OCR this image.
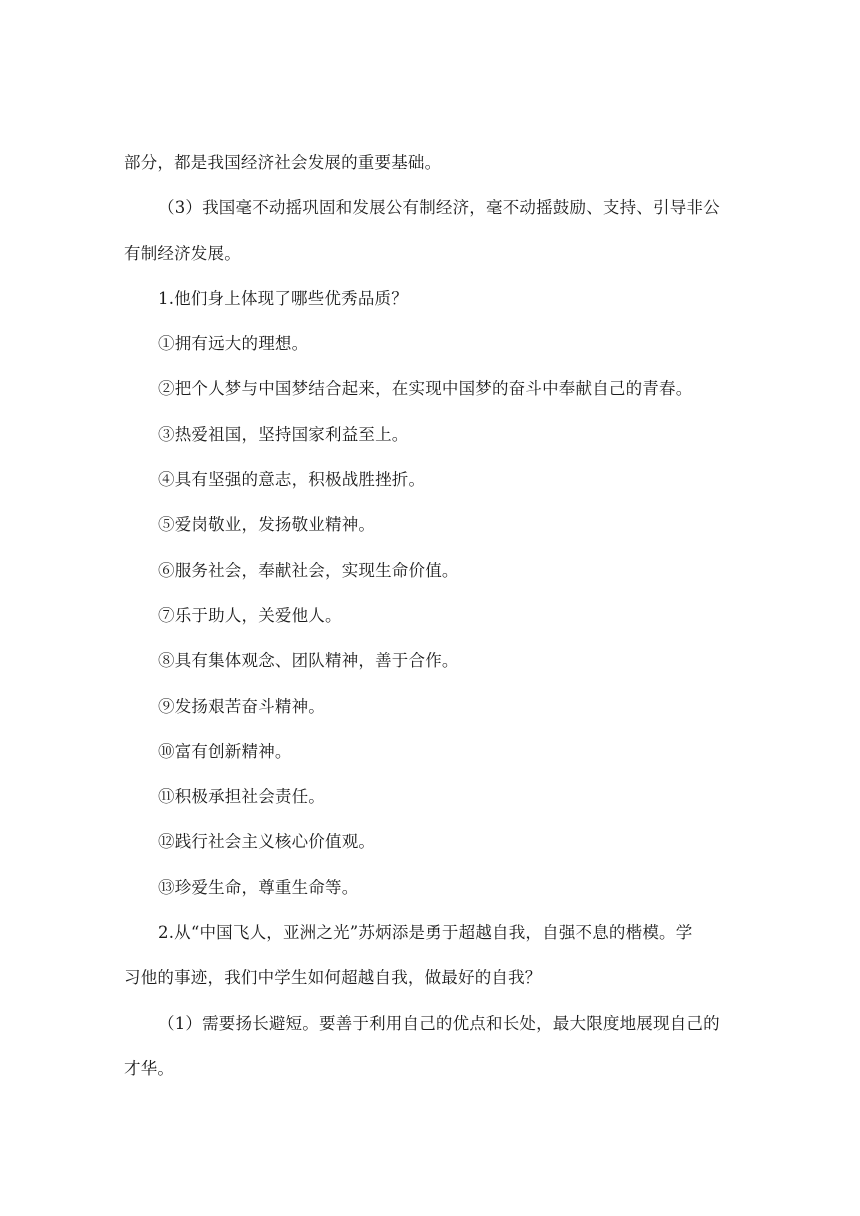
部分，都是我国经济社会发展的重要基础。
（3）我国毫不动摇巩固和发展公有制经济，毫不动摇鼓励、支持、引导非公
有制经济发展。
1.他们身上体现了哪些优秀品质？
①拥有远大的理想。
②把个人梦与中国梦结合起来，在实现中国梦的奋斗中奉献自己的青春。
③热爱祖国，坚持国家利益至上。
④具有坚强的意志，积极战胜挫折。
⑤爱岗敬业，发扬敬业精神。
⑥服务社会，奉献社会，实现生命价值。
⑦乐于助人，关爱他人。
⑧具有集体观念、团队精神，善于合作。
⑨发扬艰苦奋斗精神。
⑩富有创新精神。
⑪积极承担社会责任。
⑫践行社会主义核心价值观。
⑬珍爱生命，尊重生命等。
2.从“中国飞人，亚洲之光”苏炳添是勇于超越自我，自强不息的楷模。学
习他的事迹，我们中学生如何超越自我，做最好的自我？
（1）需要扬长避短。要善于利用自己的优点和长处，最大限度地展现自己的
才华。
